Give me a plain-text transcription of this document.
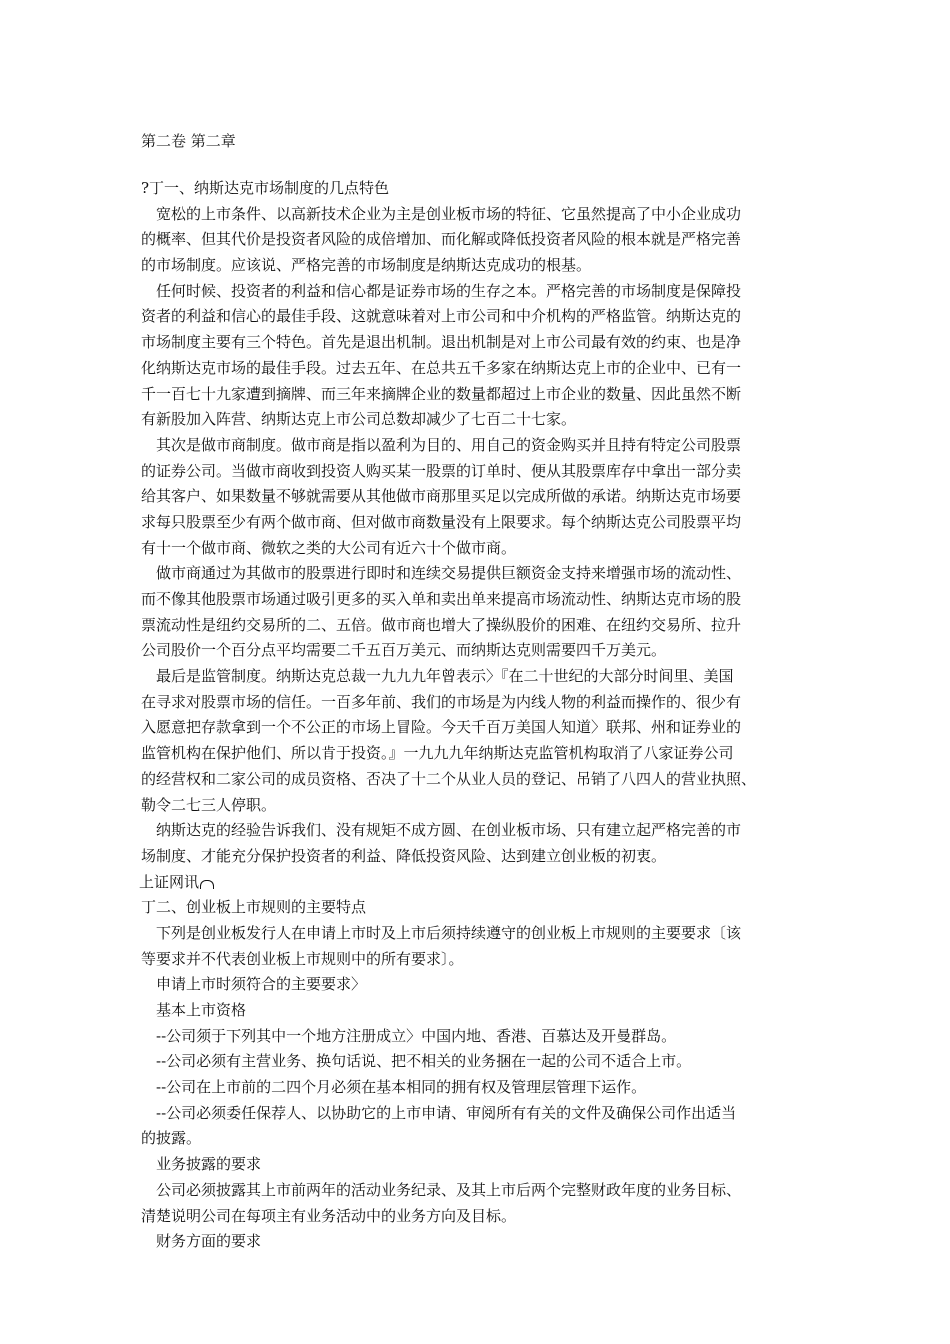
第二卷 第二章
?丁一、纳斯达克市场制度的几点特色
宽松的上市条件、以高新技术企业为主是创业板市场的特征、它虽然提高了中小企业成功
的概率、但其代价是投资者风险的成倍增加、而化解或降低投资者风险的根本就是严格完善
的市场制度。应该说、严格完善的市场制度是纳斯达克成功的根基。
任何时候、投资者的利益和信心都是证券市场的生存之本。严格完善的市场制度是保障投
资者的利益和信心的最佳手段、这就意味着对上市公司和中介机构的严格监管。纳斯达克的
市场制度主要有三个特色。首先是退出机制。退出机制是对上市公司最有效的约束、也是净
化纳斯达克市场的最佳手段。过去五年、在总共五千多家在纳斯达克上市的企业中、已有一
千一百七十九家遭到摘牌、而三年来摘牌企业的数量都超过上市企业的数量、因此虽然不断
有新股加入阵营、纳斯达克上市公司总数却减少了七百二十七家。
其次是做市商制度。做市商是指以盈利为目的、用自己的资金购买并且持有特定公司股票
的证券公司。当做市商收到投资人购买某一股票的订单时、便从其股票库存中拿出一部分卖
给其客户、如果数量不够就需要从其他做市商那里买足以完成所做的承诺。纳斯达克市场要
求每只股票至少有两个做市商、但对做市商数量没有上限要求。每个纳斯达克公司股票平均
有十一个做市商、微软之类的大公司有近六十个做市商。
做市商通过为其做市的股票进行即时和连续交易提供巨额资金支持来增强市场的流动性、
而不像其他股票市场通过吸引更多的买入单和卖出单来提高市场流动性、纳斯达克市场的股
票流动性是纽约交易所的二、五倍。做市商也增大了操纵股价的困难、在纽约交易所、拉升
公司股价一个百分点平均需要二千五百万美元、而纳斯达克则需要四千万美元。
最后是监管制度。纳斯达克总裁一九九九年曾表示〉『在二十世纪的大部分时间里、美国
在寻求对股票市场的信任。一百多年前、我们的市场是为内线人物的利益而操作的、很少有
入愿意把存款拿到一个不公正的市场上冒险。今天千百万美国人知道〉联邦、州和证券业的
监管机构在保护他们、所以肯于投资。』一九九九年纳斯达克监管机构取消了八家证券公司
的经营权和二家公司的成员资格、否决了十二个从业人员的登记、吊销了八四人的营业执照、
勒令二七三人停职。
纳斯达克的经验告诉我们、没有规矩不成方圆、在创业板市场、只有建立起严格完善的市
场制度、才能充分保护投资者的利益、降低投资风险、达到建立创业板的初衷。
上证网讯
丁二、创业板上市规则的主要特点
下列是创业板发行人在申请上市时及上市后须持续遵守的创业板上市规则的主要要求〔该
等要求并不代表创业板上市规则中的所有要求〕。
申请上市时须符合的主要要求〉
基本上市资格
--公司须于下列其中一个地方注册成立〉中国内地、香港、百慕达及开曼群岛。
--公司必须有主营业务、换句话说、把不相关的业务捆在一起的公司不适合上市。
--公司在上市前的二四个月必须在基本相同的拥有权及管理层管理下运作。
--公司必须委任保荐人、以协助它的上市申请、审阅所有有关的文件及确保公司作出适当
的披露。
业务披露的要求
公司必须披露其上市前两年的活动业务纪录、及其上市后两个完整财政年度的业务目标、
清楚说明公司在每项主有业务活动中的业务方向及目标。
财务方面的要求
